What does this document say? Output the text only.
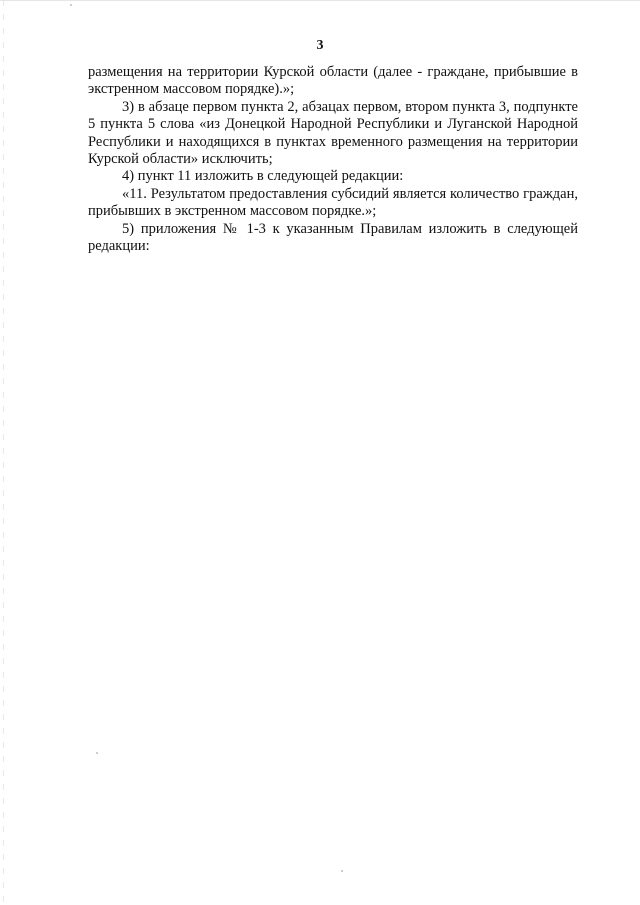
3

размещения на территории Курской области (далее - граждане, прибывшие в экстренном массовом порядке).»;

3) в абзаце первом пункта 2, абзацах первом, втором пункта 3, подпункте 5 пункта 5 слова «из Донецкой Народной Республики и Луганской Народной Республики и находящихся в пунктах временного размещения на территории Курской области» исключить;

4) пункт 11 изложить в следующей редакции:

«11. Результатом предоставления субсидий является количество граждан, прибывших в экстренном массовом порядке.»;

5) приложения № 1-3 к указанным Правилам изложить в следующей редакции:
